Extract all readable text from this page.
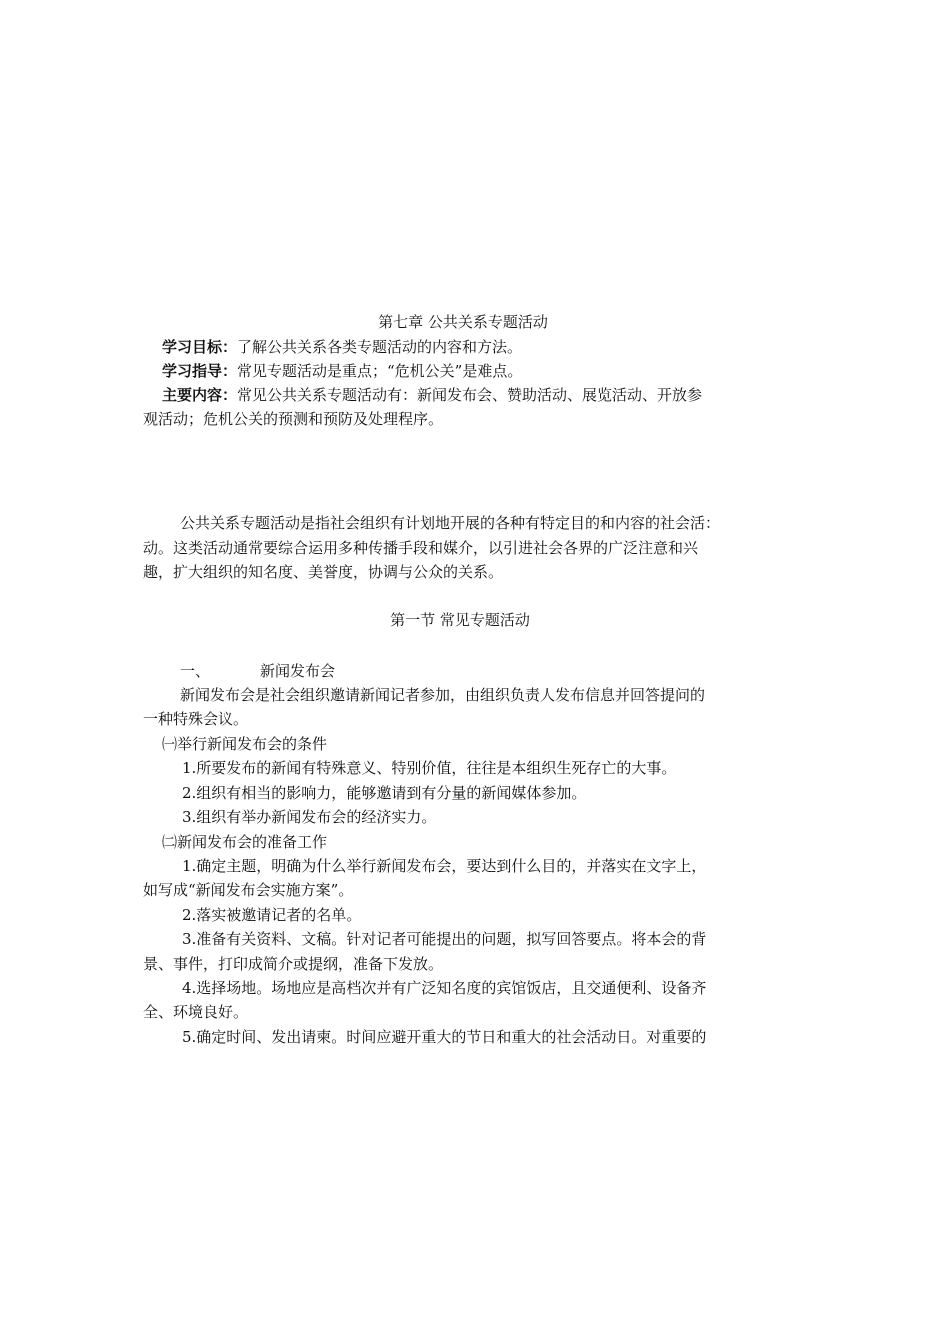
第七章 公共关系专题活动
学习目标：了解公共关系各类专题活动的内容和方法。
学习指导：常见专题活动是重点；“危机公关”是难点。
主要内容：常见公共关系专题活动有：新闻发布会、赞助活动、展览活动、开放参
观活动；危机公关的预测和预防及处理程序。
公共关系专题活动是指社会组织有计划地开展的各种有特定目的和内容的社会活：
动。这类活动通常要综合运用多种传播手段和媒介，以引进社会各界的广泛注意和兴
趣，扩大组织的知名度、美誉度，协调与公众的关系。
第一节 常见专题活动
一、	新闻发布会
新闻发布会是社会组织邀请新闻记者参加，由组织负责人发布信息并回答提问的
一种特殊会议。
㈠举行新闻发布会的条件
1.所要发布的新闻有特殊意义、特别价值，往往是本组织生死存亡的大事。
2.组织有相当的影响力，能够邀请到有分量的新闻媒体参加。
3.组织有举办新闻发布会的经济实力。
㈡新闻发布会的准备工作
1.确定主题，明确为什么举行新闻发布会，要达到什么目的，并落实在文字上，
如写成“新闻发布会实施方案”。
2.落实被邀请记者的名单。
3.准备有关资料、文稿。针对记者可能提出的问题，拟写回答要点。将本会的背
景、事件，打印成简介或提纲，准备下发放。
4.选择场地。场地应是高档次并有广泛知名度的宾馆饭店，且交通便利、设备齐
全、环境良好。
5.确定时间、发出请柬。时间应避开重大的节日和重大的社会活动日。对重要的
